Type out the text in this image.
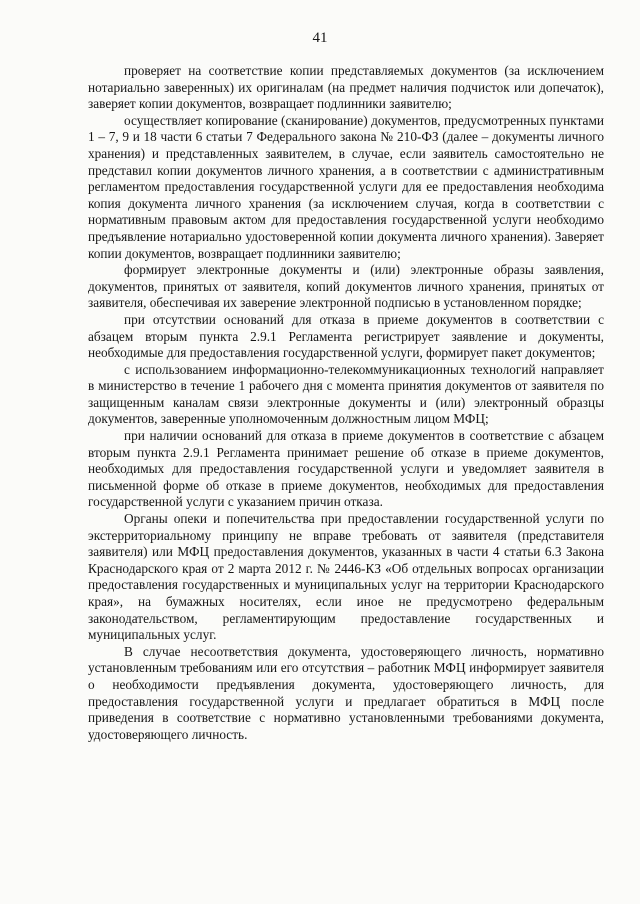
41

проверяет на соответствие копии представляемых документов (за исключением нотариально заверенных) их оригиналам (на предмет наличия подчисток или допечаток), заверяет копии документов, возвращает подлинники заявителю;

осуществляет копирование (сканирование) документов, предусмотренных пунктами 1 – 7, 9 и 18 части 6 статьи 7 Федерального закона № 210-ФЗ (далее – документы личного хранения) и представленных заявителем, в случае, если заявитель самостоятельно не представил копии документов личного хранения, а в соответствии с административным регламентом предоставления государственной услуги для ее предоставления необходима копия документа личного хранения (за исключением случая, когда в соответствии с нормативным правовым актом для предоставления государственной услуги необходимо предъявление нотариально удостоверенной копии документа личного хранения). Заверяет копии документов, возвращает подлинники заявителю;

формирует электронные документы и (или) электронные образы заявления, документов, принятых от заявителя, копий документов личного хранения, принятых от заявителя, обеспечивая их заверение электронной подписью в установленном порядке;

при отсутствии оснований для отказа в приеме документов в соответствии с абзацем вторым пункта 2.9.1 Регламента регистрирует заявление и документы, необходимые для предоставления государственной услуги, формирует пакет документов;

с использованием информационно-телекоммуникационных технологий направляет в министерство в течение 1 рабочего дня с момента принятия документов от заявителя по защищенным каналам связи электронные документы и (или) электронный образцы документов, заверенные уполномоченным должностным лицом МФЦ;

при наличии оснований для отказа в приеме документов в соответствие с абзацем вторым пункта 2.9.1 Регламента принимает решение об отказе в приеме документов, необходимых для предоставления государственной услуги и уведомляет заявителя в письменной форме об отказе в приеме документов, необходимых для предоставления государственной услуги с указанием причин отказа.

Органы опеки и попечительства при предоставлении государственной услуги по экстерриториальному принципу не вправе требовать от заявителя (представителя заявителя) или МФЦ предоставления документов, указанных в части 4 статьи 6.3 Закона Краснодарского края от 2 марта 2012 г. № 2446-КЗ «Об отдельных вопросах организации предоставления государственных и муниципальных услуг на территории Краснодарского края», на бумажных носителях, если иное не предусмотрено федеральным законодательством, регламентирующим предоставление государственных и муниципальных услуг.

В случае несоответствия документа, удостоверяющего личность, нормативно установленным требованиям или его отсутствия – работник МФЦ информирует заявителя о необходимости предъявления документа, удостоверяющего личность, для предоставления государственной услуги и предлагает обратиться в МФЦ после приведения в соответствие с нормативно установленными требованиями документа, удостоверяющего личность.
